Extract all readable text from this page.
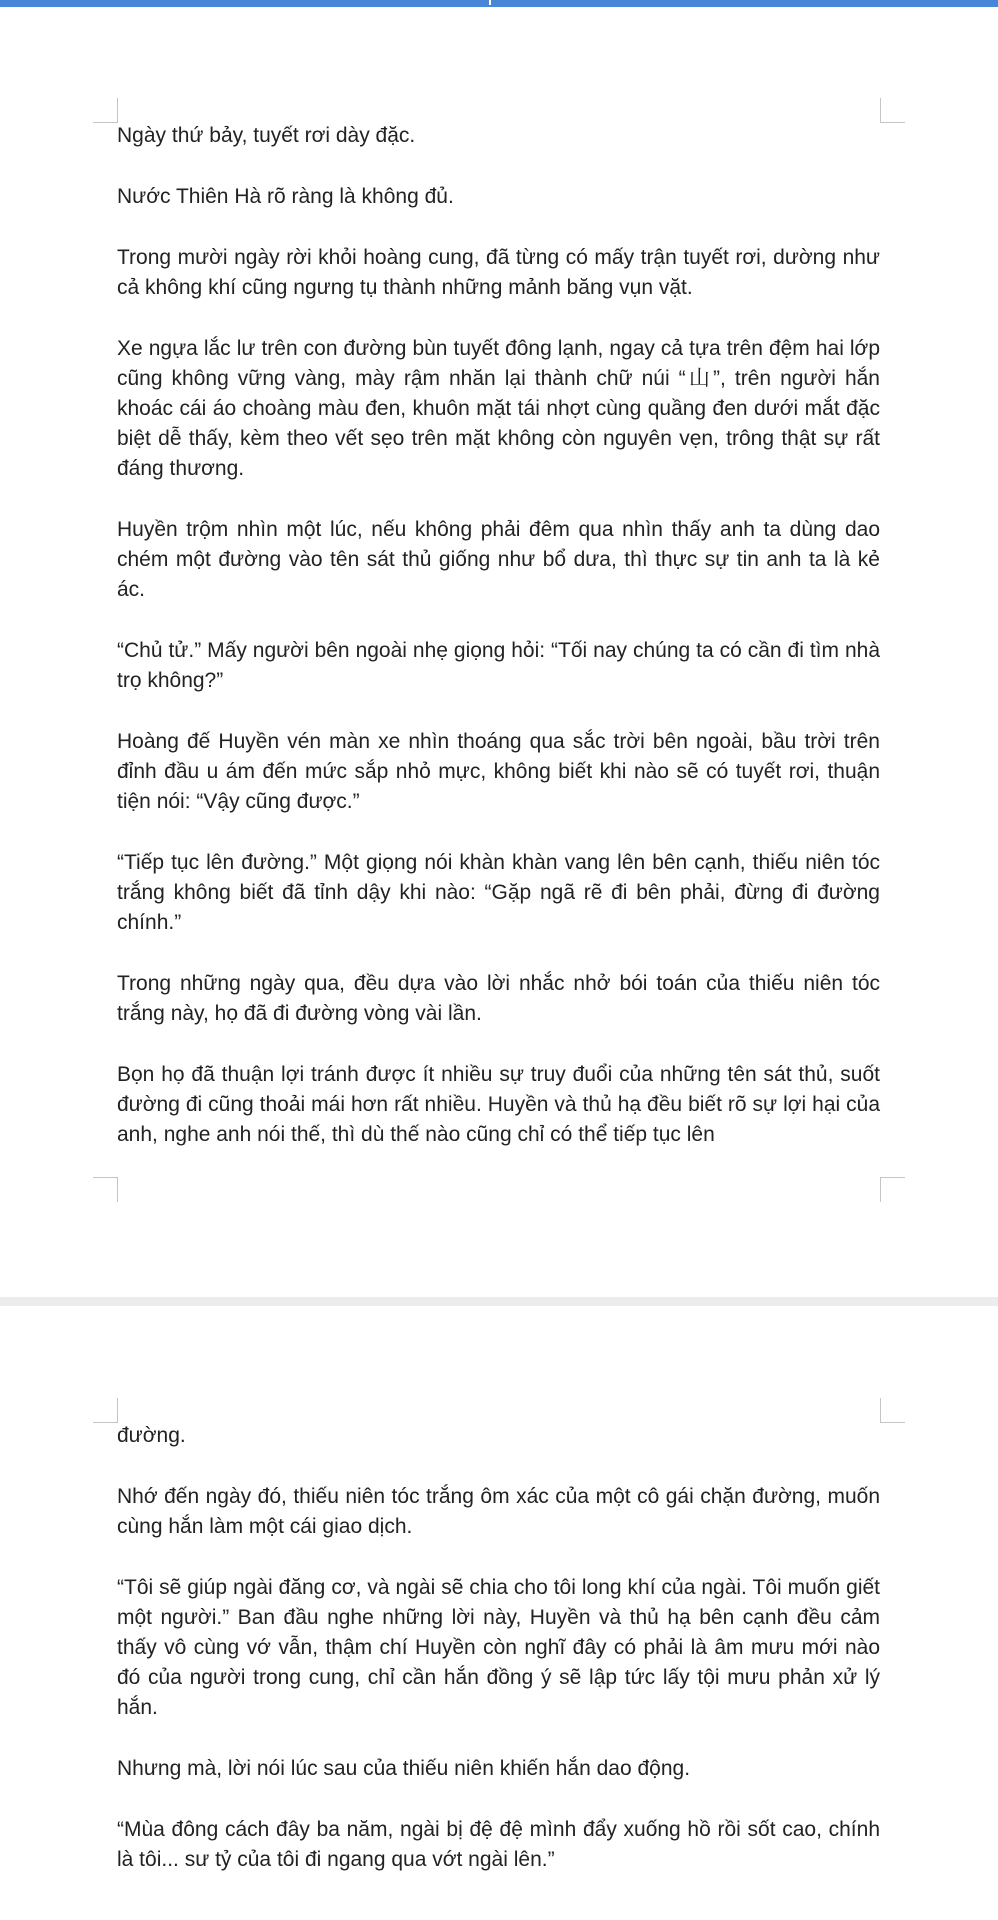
Ngày thứ bảy, tuyết rơi dày đặc.

Nước Thiên Hà rõ ràng là không đủ.

Trong mười ngày rời khỏi hoàng cung, đã từng có mấy trận tuyết rơi, dường như cả không khí cũng ngưng tụ thành những mảnh băng vụn vặt.

Xe ngựa lắc lư trên con đường bùn tuyết đông lạnh, ngay cả tựa trên đệm hai lớp cũng không vững vàng, mày rậm nhăn lại thành chữ núi “山”, trên người hắn khoác cái áo choàng màu đen, khuôn mặt tái nhợt cùng quầng đen dưới mắt đặc biệt dễ thấy, kèm theo vết sẹo trên mặt không còn nguyên vẹn, trông thật sự rất đáng thương.

Huyền trộm nhìn một lúc, nếu không phải đêm qua nhìn thấy anh ta dùng dao chém một đường vào tên sát thủ giống như bổ dưa, thì thực sự tin anh ta là kẻ ác.

“Chủ tử.” Mấy người bên ngoài nhẹ giọng hỏi: “Tối nay chúng ta có cần đi tìm nhà trọ không?”

Hoàng đế Huyền vén màn xe nhìn thoáng qua sắc trời bên ngoài, bầu trời trên đỉnh đầu u ám đến mức sắp nhỏ mực, không biết khi nào sẽ có tuyết rơi, thuận tiện nói: “Vậy cũng được.”

“Tiếp tục lên đường.” Một giọng nói khàn khàn vang lên bên cạnh, thiếu niên tóc trắng không biết đã tỉnh dậy khi nào: “Gặp ngã rẽ đi bên phải, đừng đi đường chính.”

Trong những ngày qua, đều dựa vào lời nhắc nhở bói toán của thiếu niên tóc trắng này, họ đã đi đường vòng vài lần.

Bọn họ đã thuận lợi tránh được ít nhiều sự truy đuổi của những tên sát thủ, suốt đường đi cũng thoải mái hơn rất nhiều. Huyền và thủ hạ đều biết rõ sự lợi hại của anh, nghe anh nói thế, thì dù thế nào cũng chỉ có thể tiếp tục lên

đường.

Nhớ đến ngày đó, thiếu niên tóc trắng ôm xác của một cô gái chặn đường, muốn cùng hắn làm một cái giao dịch.

“Tôi sẽ giúp ngài đăng cơ, và ngài sẽ chia cho tôi long khí của ngài. Tôi muốn giết một người.” Ban đầu nghe những lời này, Huyền và thủ hạ bên cạnh đều cảm thấy vô cùng vớ vẫn, thậm chí Huyền còn nghĩ đây có phải là âm mưu mới nào đó của người trong cung, chỉ cần hắn đồng ý sẽ lập tức lấy tội mưu phản xử lý hắn.

Nhưng mà, lời nói lúc sau của thiếu niên khiến hắn dao động.

“Mùa đông cách đây ba năm, ngài bị đệ đệ mình đẩy xuống hồ rồi sốt cao, chính là tôi... sư tỷ của tôi đi ngang qua vớt ngài lên.”
